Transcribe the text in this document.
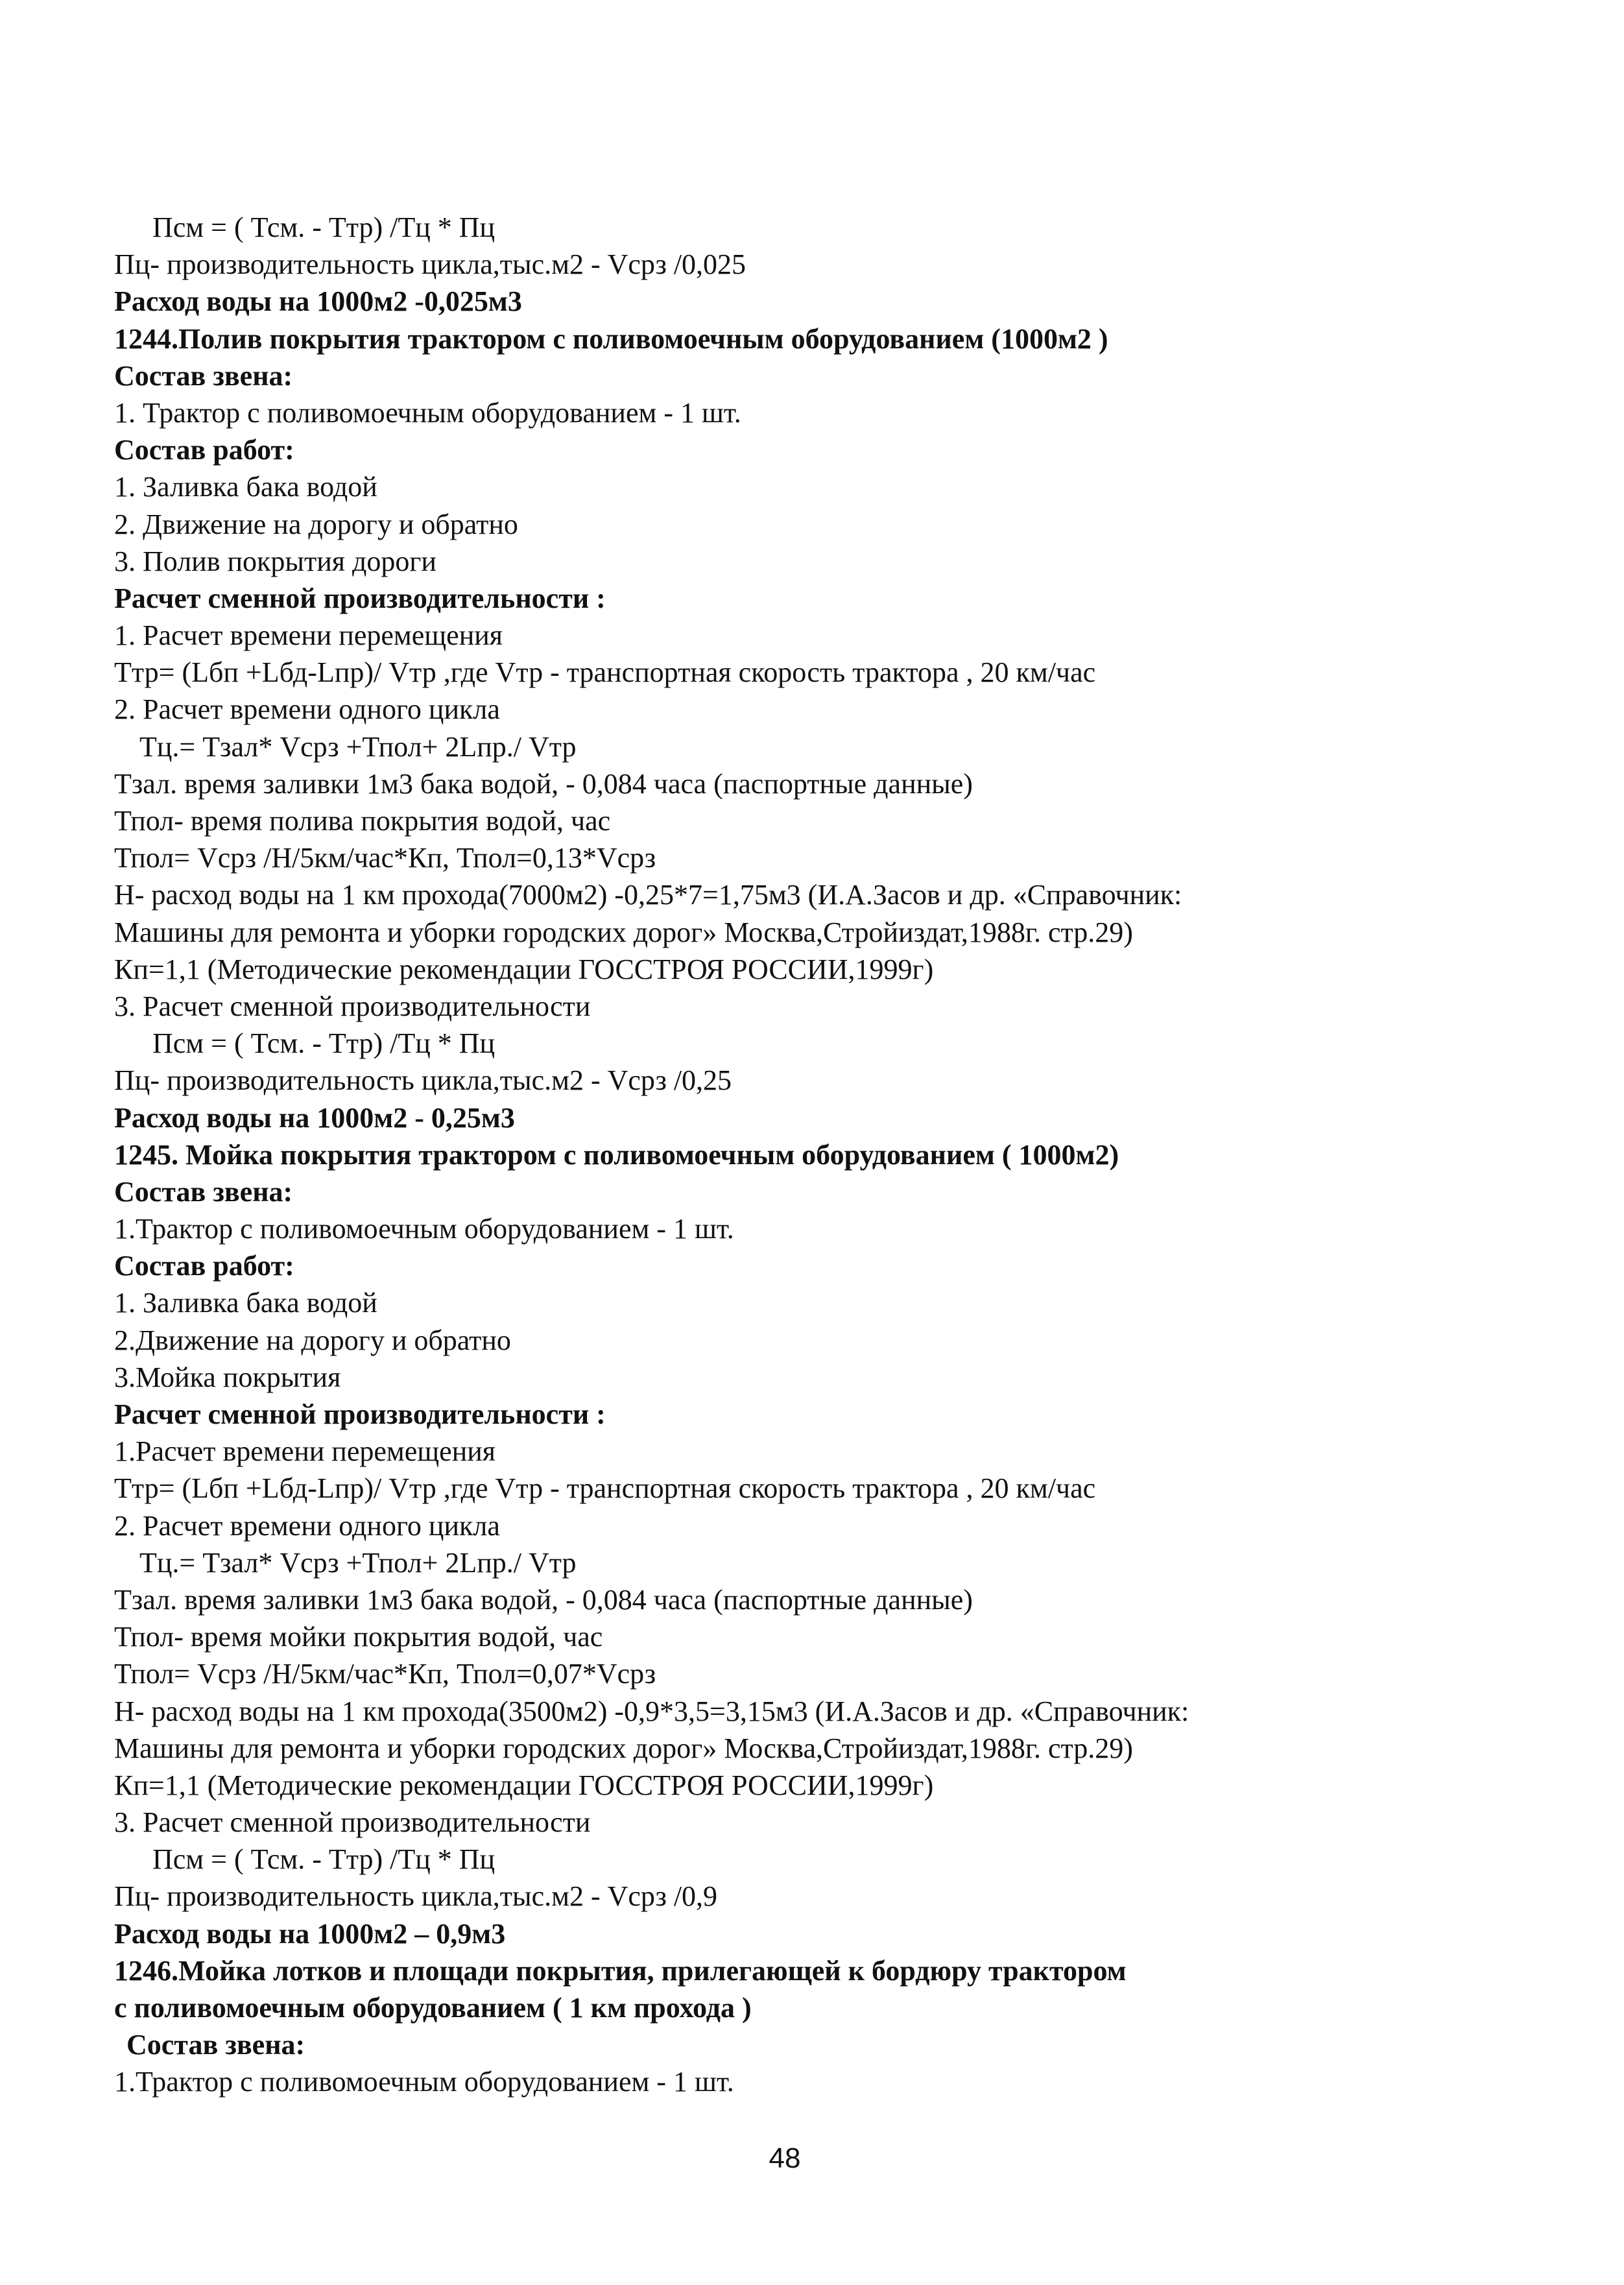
Псм = ( Тсм. - Ттр) /Тц * Пц
Пц- производительность цикла,тыс.м2 - Vсрз /0,025
Расход воды на 1000м2 -0,025м3
1244.Полив покрытия трактором с поливомоечным оборудованием (1000м2 )
Состав звена:
1. Трактор с поливомоечным оборудованием - 1 шт.
Состав работ:
1. Заливка бака водой
2. Движение на дорогу и обратно
3. Полив покрытия дороги
Расчет сменной производительности :
1. Расчет времени перемещения
Ттр= (Lбп +Lбд-Lпр)/ Vтр ,где Vтр - транспортная скорость трактора , 20 км/час
2. Расчет времени одного цикла
Тц.= Тзал* Vсрз +Тпол+ 2Lпр./ Vтр
Тзал. время заливки 1м3 бака водой, - 0,084 часа (паспортные данные)
Тпол- время полива покрытия водой, час
Тпол= Vсрз /Н/5км/час*Кп, Тпол=0,13*Vсрз
Н- расход воды на 1 км прохода(7000м2) -0,25*7=1,75м3 (И.А.Засов и др. «Справочник:
Машины для ремонта и уборки городских дорог» Москва,Стройиздат,1988г. стр.29)
Кп=1,1 (Методические рекомендации ГОССТРОЯ РОССИИ,1999г)
3. Расчет сменной производительности
Псм = ( Тсм. - Ттр) /Тц * Пц
Пц- производительность цикла,тыс.м2 - Vсрз /0,25
Расход воды на 1000м2 - 0,25м3
1245. Мойка покрытия трактором с поливомоечным оборудованием ( 1000м2)
Состав звена:
1.Трактор с поливомоечным оборудованием - 1 шт.
Состав работ:
1. Заливка бака водой
2.Движение на дорогу и обратно
3.Мойка покрытия
Расчет сменной производительности :
1.Расчет времени перемещения
Ттр= (Lбп +Lбд-Lпр)/ Vтр ,где Vтр - транспортная скорость трактора , 20 км/час
2. Расчет времени одного цикла
Тц.= Тзал* Vсрз +Тпол+ 2Lпр./ Vтр
Тзал. время заливки 1м3 бака водой, - 0,084 часа (паспортные данные)
Тпол- время мойки покрытия водой, час
Тпол= Vсрз /Н/5км/час*Кп, Тпол=0,07*Vсрз
Н- расход воды на 1 км прохода(3500м2) -0,9*3,5=3,15м3 (И.А.Засов и др. «Справочник:
Машины для ремонта и уборки городских дорог» Москва,Стройиздат,1988г. стр.29)
Кп=1,1 (Методические рекомендации ГОССТРОЯ РОССИИ,1999г)
3. Расчет сменной производительности
Псм = ( Тсм. - Ттр) /Тц * Пц
Пц- производительность цикла,тыс.м2 - Vсрз /0,9
Расход воды на 1000м2 – 0,9м3
1246.Мойка лотков и площади покрытия, прилегающей к бордюру трактором
с поливомоечным оборудованием ( 1 км прохода )
Состав звена:
1.Трактор с поливомоечным оборудованием - 1 шт.
48
